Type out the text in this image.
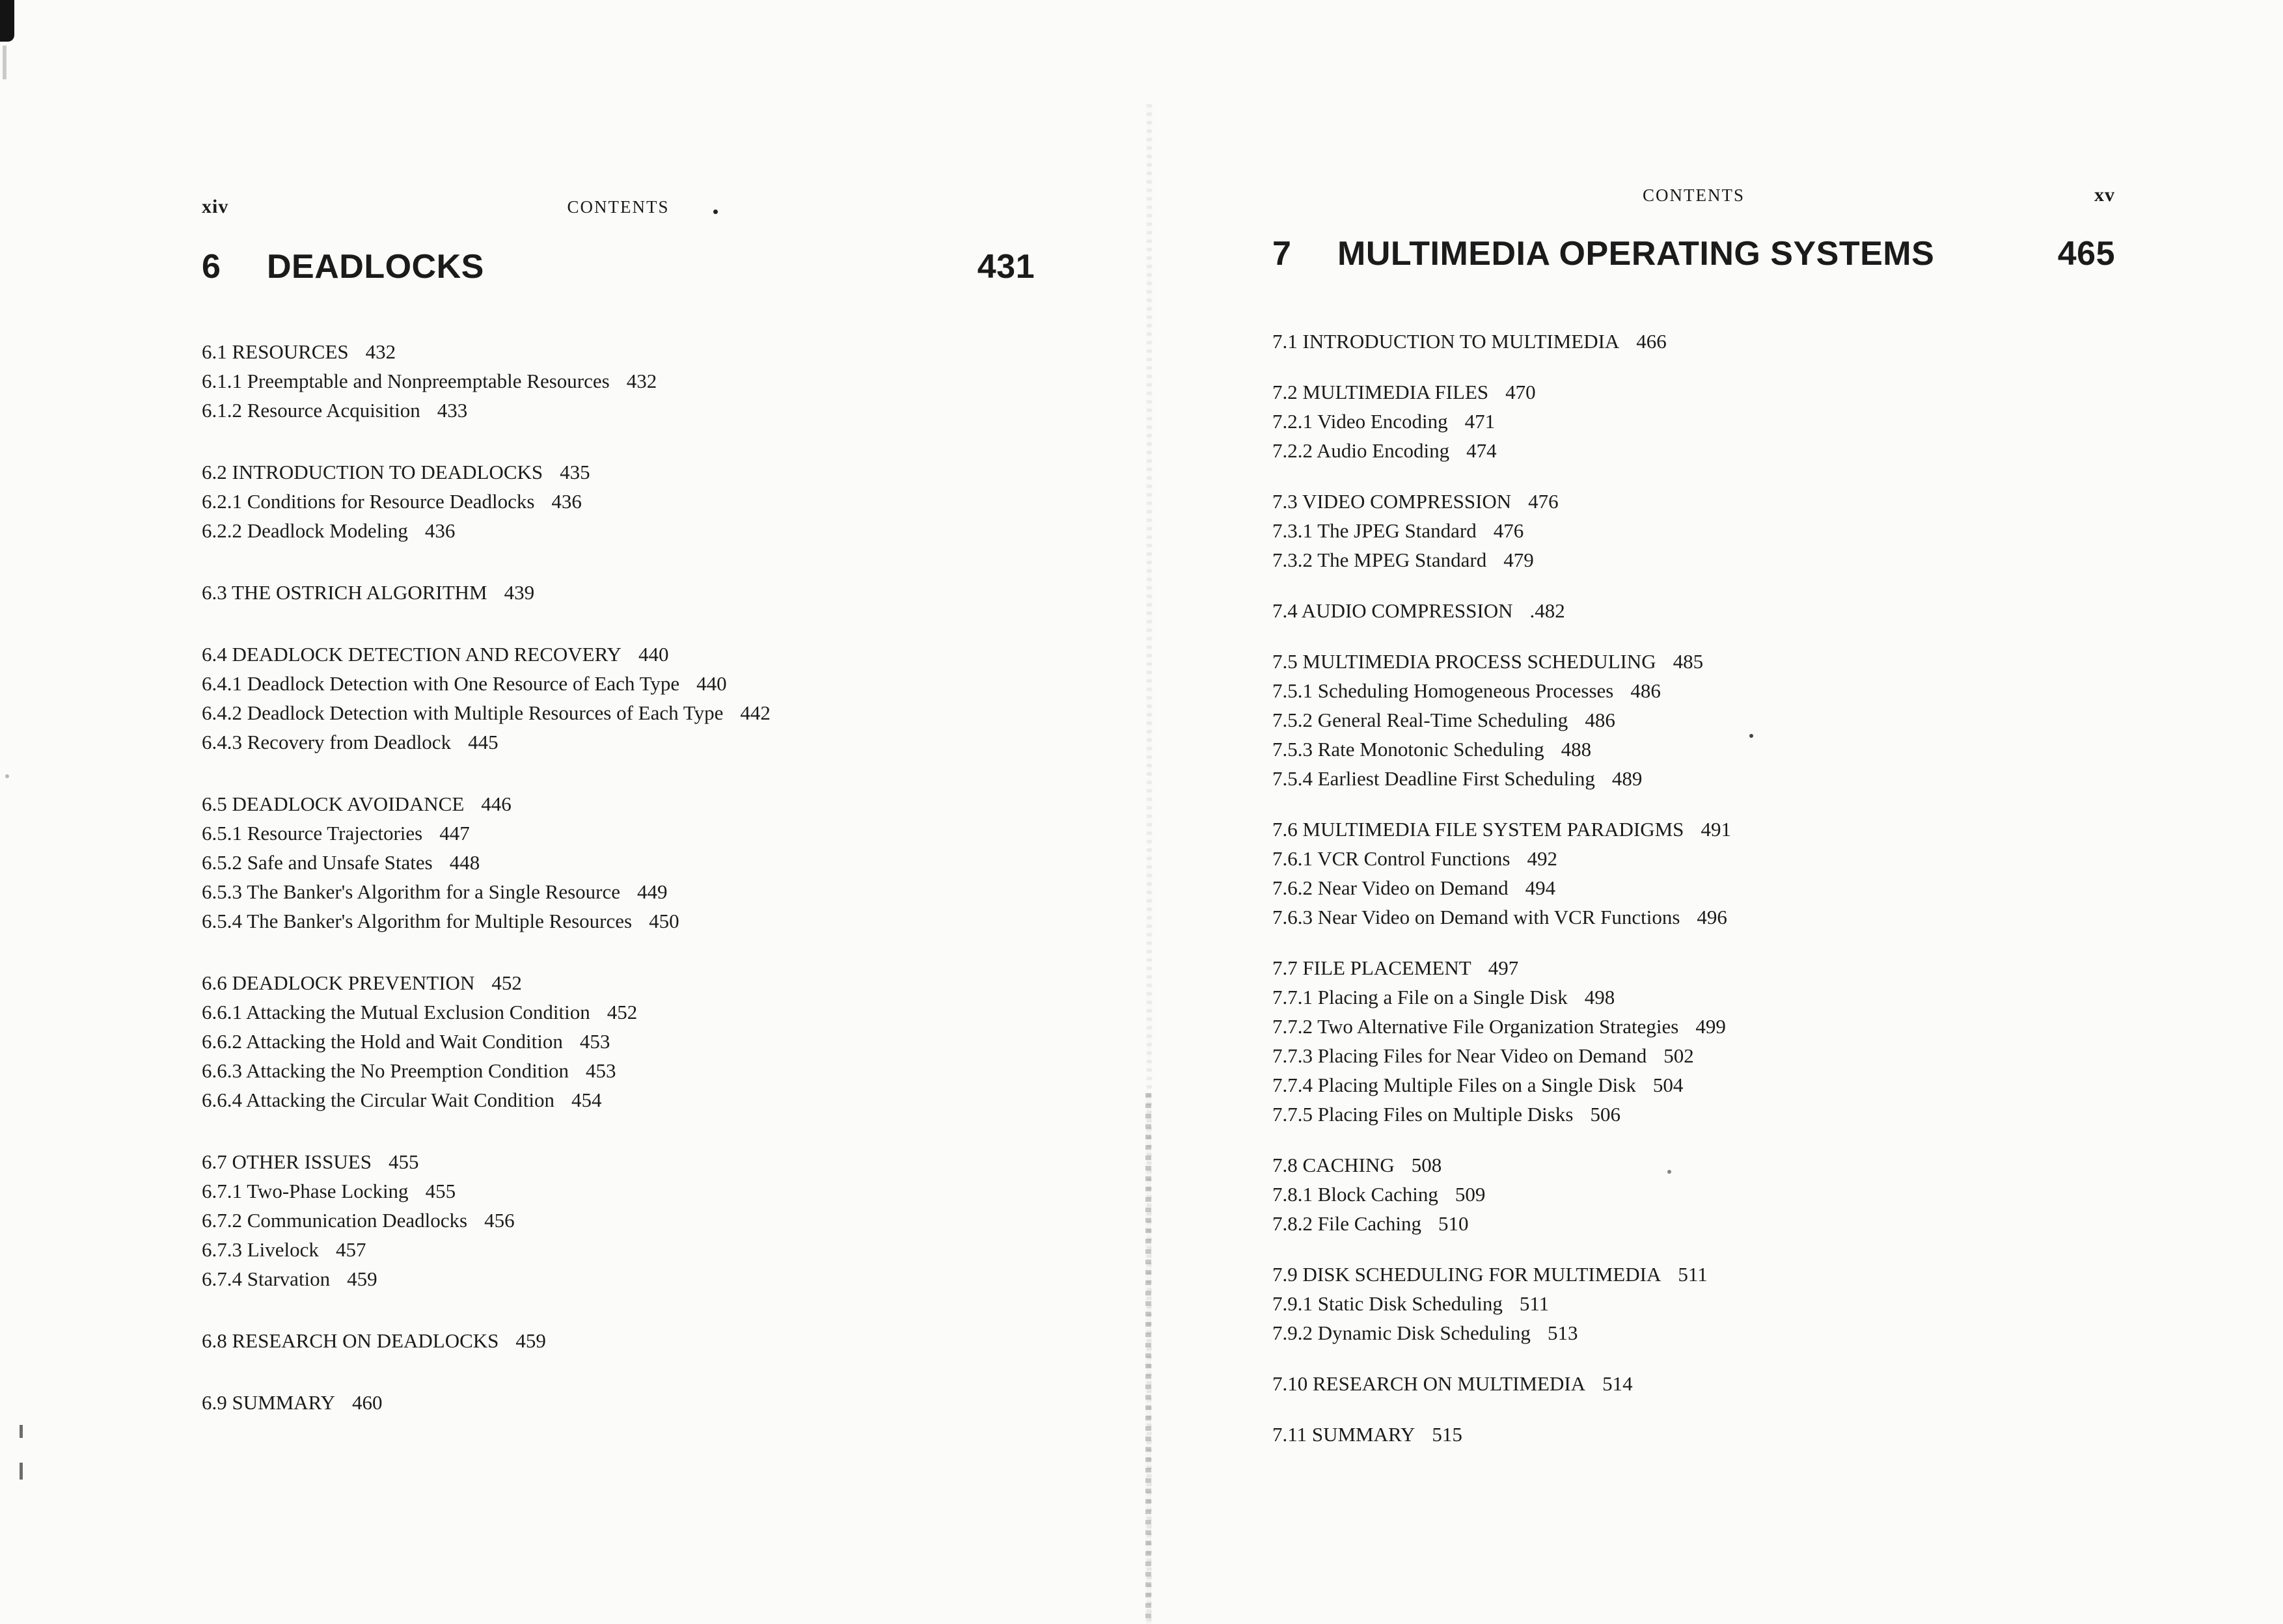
xiv	CONTENTS
6	DEADLOCKS	431
6.1 RESOURCES 432
6.1.1 Preemptable and Nonpreemptable Resources 432
6.1.2 Resource Acquisition 433
6.2 INTRODUCTION TO DEADLOCKS 435
6.2.1 Conditions for Resource Deadlocks 436
6.2.2 Deadlock Modeling 436
6.3 THE OSTRICH ALGORITHM 439
6.4 DEADLOCK DETECTION AND RECOVERY 440
6.4.1 Deadlock Detection with One Resource of Each Type 440
6.4.2 Deadlock Detection with Multiple Resources of Each Type 442
6.4.3 Recovery from Deadlock 445
6.5 DEADLOCK AVOIDANCE 446
6.5.1 Resource Trajectories 447
6.5.2 Safe and Unsafe States 448
6.5.3 The Banker's Algorithm for a Single Resource 449
6.5.4 The Banker's Algorithm for Multiple Resources 450
6.6 DEADLOCK PREVENTION 452
6.6.1 Attacking the Mutual Exclusion Condition 452
6.6.2 Attacking the Hold and Wait Condition 453
6.6.3 Attacking the No Preemption Condition 453
6.6.4 Attacking the Circular Wait Condition 454
6.7 OTHER ISSUES 455
6.7.1 Two-Phase Locking 455
6.7.2 Communication Deadlocks 456
6.7.3 Livelock 457
6.7.4 Starvation 459
6.8 RESEARCH ON DEADLOCKS 459
6.9 SUMMARY 460
CONTENTS	xv
7	MULTIMEDIA OPERATING SYSTEMS	465
7.1 INTRODUCTION TO MULTIMEDIA 466
7.2 MULTIMEDIA FILES 470
7.2.1 Video Encoding 471
7.2.2 Audio Encoding 474
7.3 VIDEO COMPRESSION 476
7.3.1 The JPEG Standard 476
7.3.2 The MPEG Standard 479
7.4 AUDIO COMPRESSION .482
7.5 MULTIMEDIA PROCESS SCHEDULING 485
7.5.1 Scheduling Homogeneous Processes 486
7.5.2 General Real-Time Scheduling 486
7.5.3 Rate Monotonic Scheduling 488
7.5.4 Earliest Deadline First Scheduling 489
7.6 MULTIMEDIA FILE SYSTEM PARADIGMS 491
7.6.1 VCR Control Functions 492
7.6.2 Near Video on Demand 494
7.6.3 Near Video on Demand with VCR Functions 496
7.7 FILE PLACEMENT 497
7.7.1 Placing a File on a Single Disk 498
7.7.2 Two Alternative File Organization Strategies 499
7.7.3 Placing Files for Near Video on Demand 502
7.7.4 Placing Multiple Files on a Single Disk 504
7.7.5 Placing Files on Multiple Disks 506
7.8 CACHING 508
7.8.1 Block Caching 509
7.8.2 File Caching 510
7.9 DISK SCHEDULING FOR MULTIMEDIA 511
7.9.1 Static Disk Scheduling 511
7.9.2 Dynamic Disk Scheduling 513
7.10 RESEARCH ON MULTIMEDIA 514
7.11 SUMMARY 515
